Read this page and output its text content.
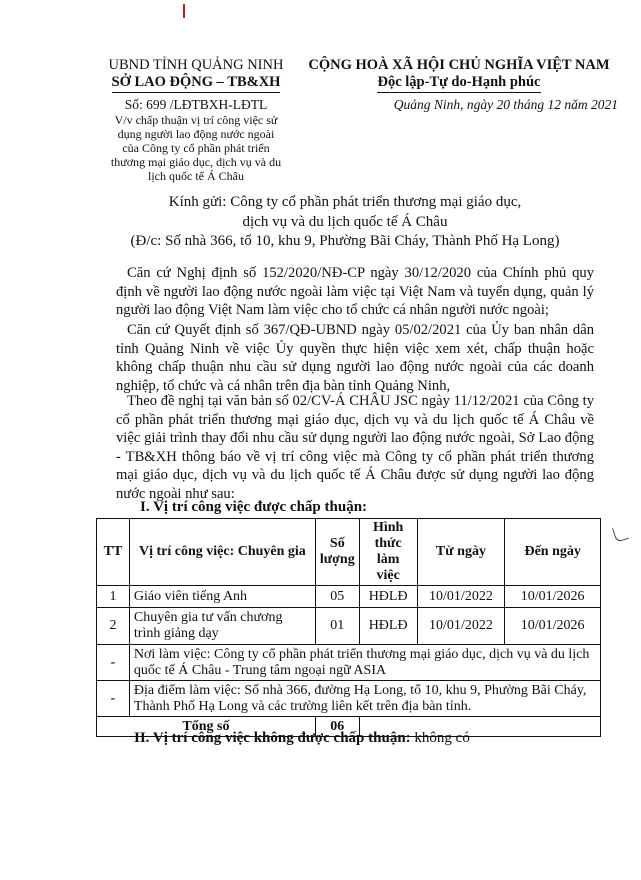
UBND TỈNH QUẢNG NINH
SỞ LAO ĐỘNG – TB&XH
CỘNG HOÀ XÃ HỘI CHỦ NGHĨA VIỆT NAM
Độc lập-Tự do-Hạnh phúc
Số: 699 /LĐTBXH-LĐTL
V/v chấp thuận vị trí công việc sử dụng người lao động nước ngoài của Công ty cổ phần phát triển thương mại giáo dục, dịch vụ và du lịch quốc tế Á Châu
Quảng Ninh, ngày 20 tháng 12 năm 2021
Kính gửi: Công ty cổ phần phát triển thương mại giáo dục,
dịch vụ và du lịch quốc tế Á Châu
(Đ/c: Số nhà 366, tổ 10, khu 9, Phường Bãi Cháy, Thành Phố Hạ Long)
Căn cứ Nghị định số 152/2020/NĐ-CP ngày 30/12/2020 của Chính phủ quy định về người lao động nước ngoài làm việc tại Việt Nam và tuyển dụng, quản lý người lao động Việt Nam làm việc cho tổ chức cá nhân người nước ngoài;
Căn cứ Quyết định số 367/QĐ-UBND ngày 05/02/2021 của Ủy ban nhân dân tỉnh Quảng Ninh về việc Ủy quyền thực hiện việc xem xét, chấp thuận hoặc không chấp thuận nhu cầu sử dụng người lao động nước ngoài của các doanh nghiệp, tổ chức và cá nhân trên địa bàn tỉnh Quảng Ninh,
Theo đề nghị tại văn bản số 02/CV-Á CHÂU JSC ngày 11/12/2021 của Công ty cổ phần phát triển thương mại giáo dục, dịch vụ và du lịch quốc tế Á Châu về việc giải trình thay đổi nhu cầu sử dụng người lao động nước ngoài, Sở Lao động - TB&XH thông báo về vị trí công việc mà Công ty cổ phần phát triển thương mại giáo dục, dịch vụ và du lịch quốc tế Á Châu được sử dụng người lao động nước ngoài như sau:
I. Vị trí công việc được chấp thuận:
TT	Vị trí công việc: Chuyên gia	Số lượng	Hình thức làm việc	Từ ngày	Đến ngày
1	Giáo viên tiếng Anh	05	HĐLĐ	10/01/2022	10/01/2026
2	Chuyên gia tư vấn chương trình giảng dạy	01	HĐLĐ	10/01/2022	10/01/2026
-	Nơi làm việc: Công ty cổ phần phát triển thương mại giáo dục, dịch vụ và du lịch quốc tế Á Châu - Trung tâm ngoại ngữ ASIA				
-	Địa điểm làm việc: Số nhà 366, đường Hạ Long, tổ 10, khu 9, Phường Bãi Cháy, Thành Phố Hạ Long và các trường liên kết trên địa bàn tỉnh.				
Tổng số		06			
II. Vị trí công việc không được chấp thuận: không có
